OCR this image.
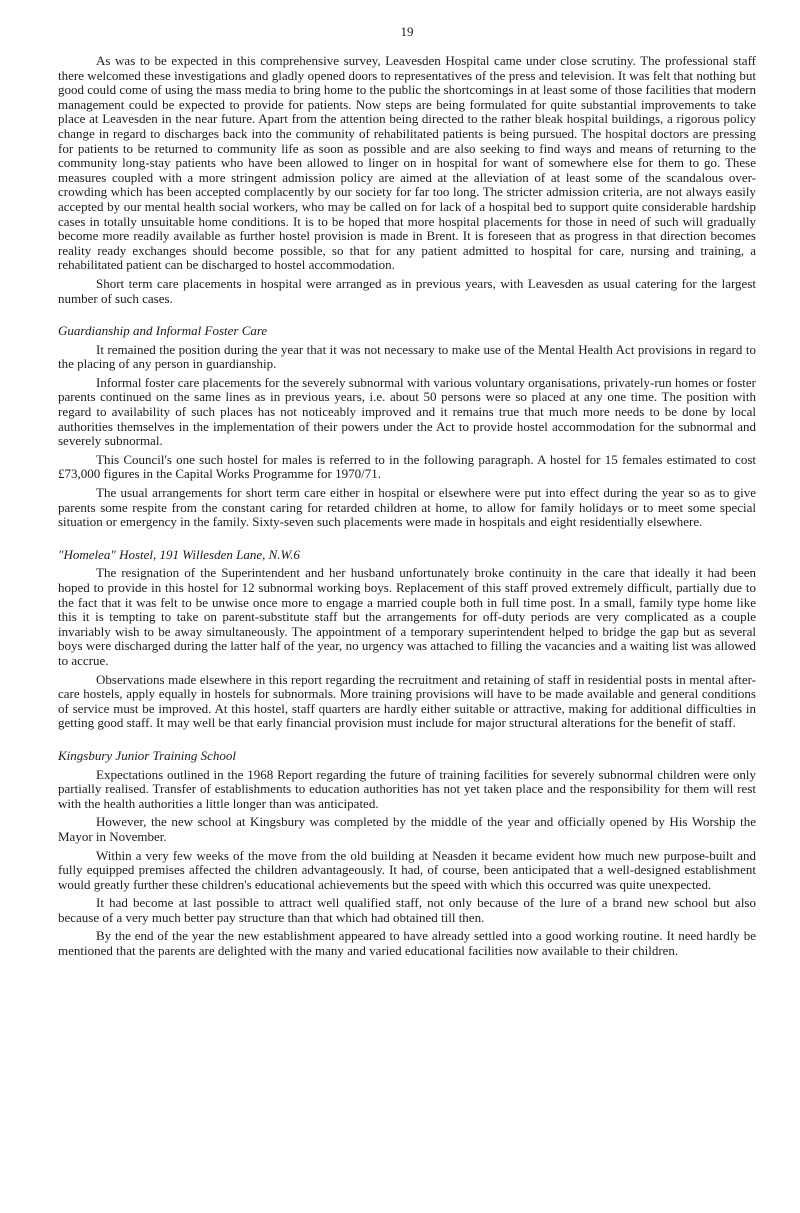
19

As was to be expected in this comprehensive survey, Leavesden Hospital came under close scrutiny. The professional staff there welcomed these investigations and gladly opened doors to representatives of the press and television. It was felt that nothing but good could come of using the mass media to bring home to the public the shortcomings in at least some of those facilities that modern management could be expected to provide for patients. Now steps are being formulated for quite substantial improvements to take place at Leavesden in the near future. Apart from the attention being directed to the rather bleak hospital buildings, a rigorous policy change in regard to discharges back into the community of rehabilitated patients is being pursued. The hospital doctors are pressing for patients to be returned to community life as soon as possible and are also seeking to find ways and means of returning to the community long-stay patients who have been allowed to linger on in hospital for want of somewhere else for them to go. These measures coupled with a more stringent admission policy are aimed at the alleviation of at least some of the scandalous over-crowding which has been accepted complacently by our society for far too long. The stricter admission criteria, are not always easily accepted by our mental health social workers, who may be called on for lack of a hospital bed to support quite considerable hardship cases in totally unsuitable home conditions. It is to be hoped that more hospital placements for those in need of such will gradually become more readily available as further hostel provision is made in Brent. It is foreseen that as progress in that direction becomes reality ready exchanges should become possible, so that for any patient admitted to hospital for care, nursing and training, a rehabilitated patient can be discharged to hostel accommodation.

Short term care placements in hospital were arranged as in previous years, with Leavesden as usual catering for the largest number of such cases.

Guardianship and Informal Foster Care

It remained the position during the year that it was not necessary to make use of the Mental Health Act provisions in regard to the placing of any person in guardianship.

Informal foster care placements for the severely subnormal with various voluntary organisations, privately-run homes or foster parents continued on the same lines as in previous years, i.e. about 50 persons were so placed at any one time. The position with regard to availability of such places has not noticeably improved and it remains true that much more needs to be done by local authorities themselves in the implementation of their powers under the Act to provide hostel accommodation for the subnormal and severely subnormal.

This Council's one such hostel for males is referred to in the following paragraph. A hostel for 15 females estimated to cost £73,000 figures in the Capital Works Programme for 1970/71.

The usual arrangements for short term care either in hospital or elsewhere were put into effect during the year so as to give parents some respite from the constant caring for retarded children at home, to allow for family holidays or to meet some special situation or emergency in the family. Sixty-seven such placements were made in hospitals and eight residentially elsewhere.

"Homelea" Hostel, 191 Willesden Lane, N.W.6

The resignation of the Superintendent and her husband unfortunately broke continuity in the care that ideally it had been hoped to provide in this hostel for 12 subnormal working boys. Replacement of this staff proved extremely difficult, partially due to the fact that it was felt to be unwise once more to engage a married couple both in full time post. In a small, family type home like this it is tempting to take on parent-substitute staff but the arrangements for off-duty periods are very complicated as a couple invariably wish to be away simultaneously. The appointment of a temporary superintendent helped to bridge the gap but as several boys were discharged during the latter half of the year, no urgency was attached to filling the vacancies and a waiting list was allowed to accrue.

Observations made elsewhere in this report regarding the recruitment and retaining of staff in residential posts in mental after-care hostels, apply equally in hostels for subnormals. More training provisions will have to be made available and general conditions of service must be improved. At this hostel, staff quarters are hardly either suitable or attractive, making for additional difficulties in getting good staff. It may well be that early financial provision must include for major structural alterations for the benefit of staff.

Kingsbury Junior Training School

Expectations outlined in the 1968 Report regarding the future of training facilities for severely subnormal children were only partially realised. Transfer of establishments to education authorities has not yet taken place and the responsibility for them will rest with the health authorities a little longer than was anticipated.

However, the new school at Kingsbury was completed by the middle of the year and officially opened by His Worship the Mayor in November.

Within a very few weeks of the move from the old building at Neasden it became evident how much new purpose-built and fully equipped premises affected the children advantageously. It had, of course, been anticipated that a well-designed establishment would greatly further these children's educational achievements but the speed with which this occurred was quite unexpected.

It had become at last possible to attract well qualified staff, not only because of the lure of a brand new school but also because of a very much better pay structure than that which had obtained till then.

By the end of the year the new establishment appeared to have already settled into a good working routine. It need hardly be mentioned that the parents are delighted with the many and varied educational facilities now available to their children.
